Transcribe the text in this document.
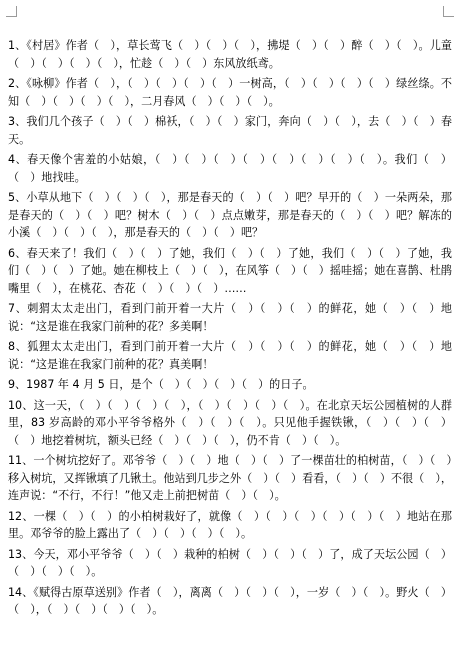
1、《村居》作者（　），草长莺飞（　）（　）（　），拂堤（　）（　）醉（　）（　）。儿童（　）（　）（　）（　），忙趁（　）（　）东风放纸鸢。

2、《咏柳》作者（　），（　）（　）（　）（　）一树高，（　）（　）（　）（　）绿丝绦。不知（　）（　）（　）（　），二月春风（　）（　）（　）。

3、我们几个孩子（　）（　）棉袄，（　）（　）家门，奔向（　）（　），去（　）（　）春天。

4、春天像个害羞的小姑娘，（　）（　）（　）（　）（　）（　）（　）（　）。我们（　）（　）地找哇。

5、小草从地下（　）（　）（　），那是春天的（　）（　）吧？早开的（　）一朵两朵，那是春天的（　）（　）吧？树木（　）（　）点点嫩芽，那是春天的（　）（　）吧？解冻的小溪（　）（　）（　），那是春天的（　）（　）吧？

6、春天来了！我们（　）（　）了她，我们（　）（　）了她，我们（　）（　）了她，我们（　）（　）了她。她在柳枝上（　）（　），在风筝（　）（　）摇哇摇；她在喜鹊、杜鹃嘴里（　），在桃花、杏花（　）（　）（　）……

7、刺猬太太走出门，看到门前开着一大片（　）（　）（　）的鲜花，她（　）（　）地说：“这是谁在我家门前种的花？多美啊！

8、狐狸太太走出门，看到门前开着一大片（　）（　）（　）的鲜花，她（　）（　）地说：“这是谁在我家门前种的花？真美啊！

9、1987 年 4 月 5 日，是个（　）（　）（　）（　）的日子。

10、这一天，（　）（　）（　）（　），（　）（　）（　）（　）。在北京天坛公园植树的人群里，83 岁高龄的邓小平爷爷格外（　）（　）（　）。只见他手握铁锹，（　）（　）（　）（　）地挖着树坑，额头已经（　）（　）（　），仍不肯（　）（　）。

11、一个树坑挖好了。邓爷爷（　）（　）地（　）（　）了一棵苗壮的柏树苗，（　）（　）移入树坑，又挥锹填了几锹土。他站到几步之外（　）（　）看看，（　）（　）不很（　），连声说：“不行，不行！”他又走上前把树苗（　）（　）。

12、一棵（　）（　）的小柏树栽好了，就像（　）（　）（　）（　）（　）（　）地站在那里。邓爷爷的脸上露出了（　）（　）（　）（　）。

13、今天，邓小平爷爷（　）（　）栽种的柏树（　）（　）（　）了，成了天坛公园（　）（　）（　）（　）。

14、《赋得古原草送别》作者（　），离离（　）（　）（　），一岁（　）（　）。野火（　）（　），（　）（　）（　）（　）。
